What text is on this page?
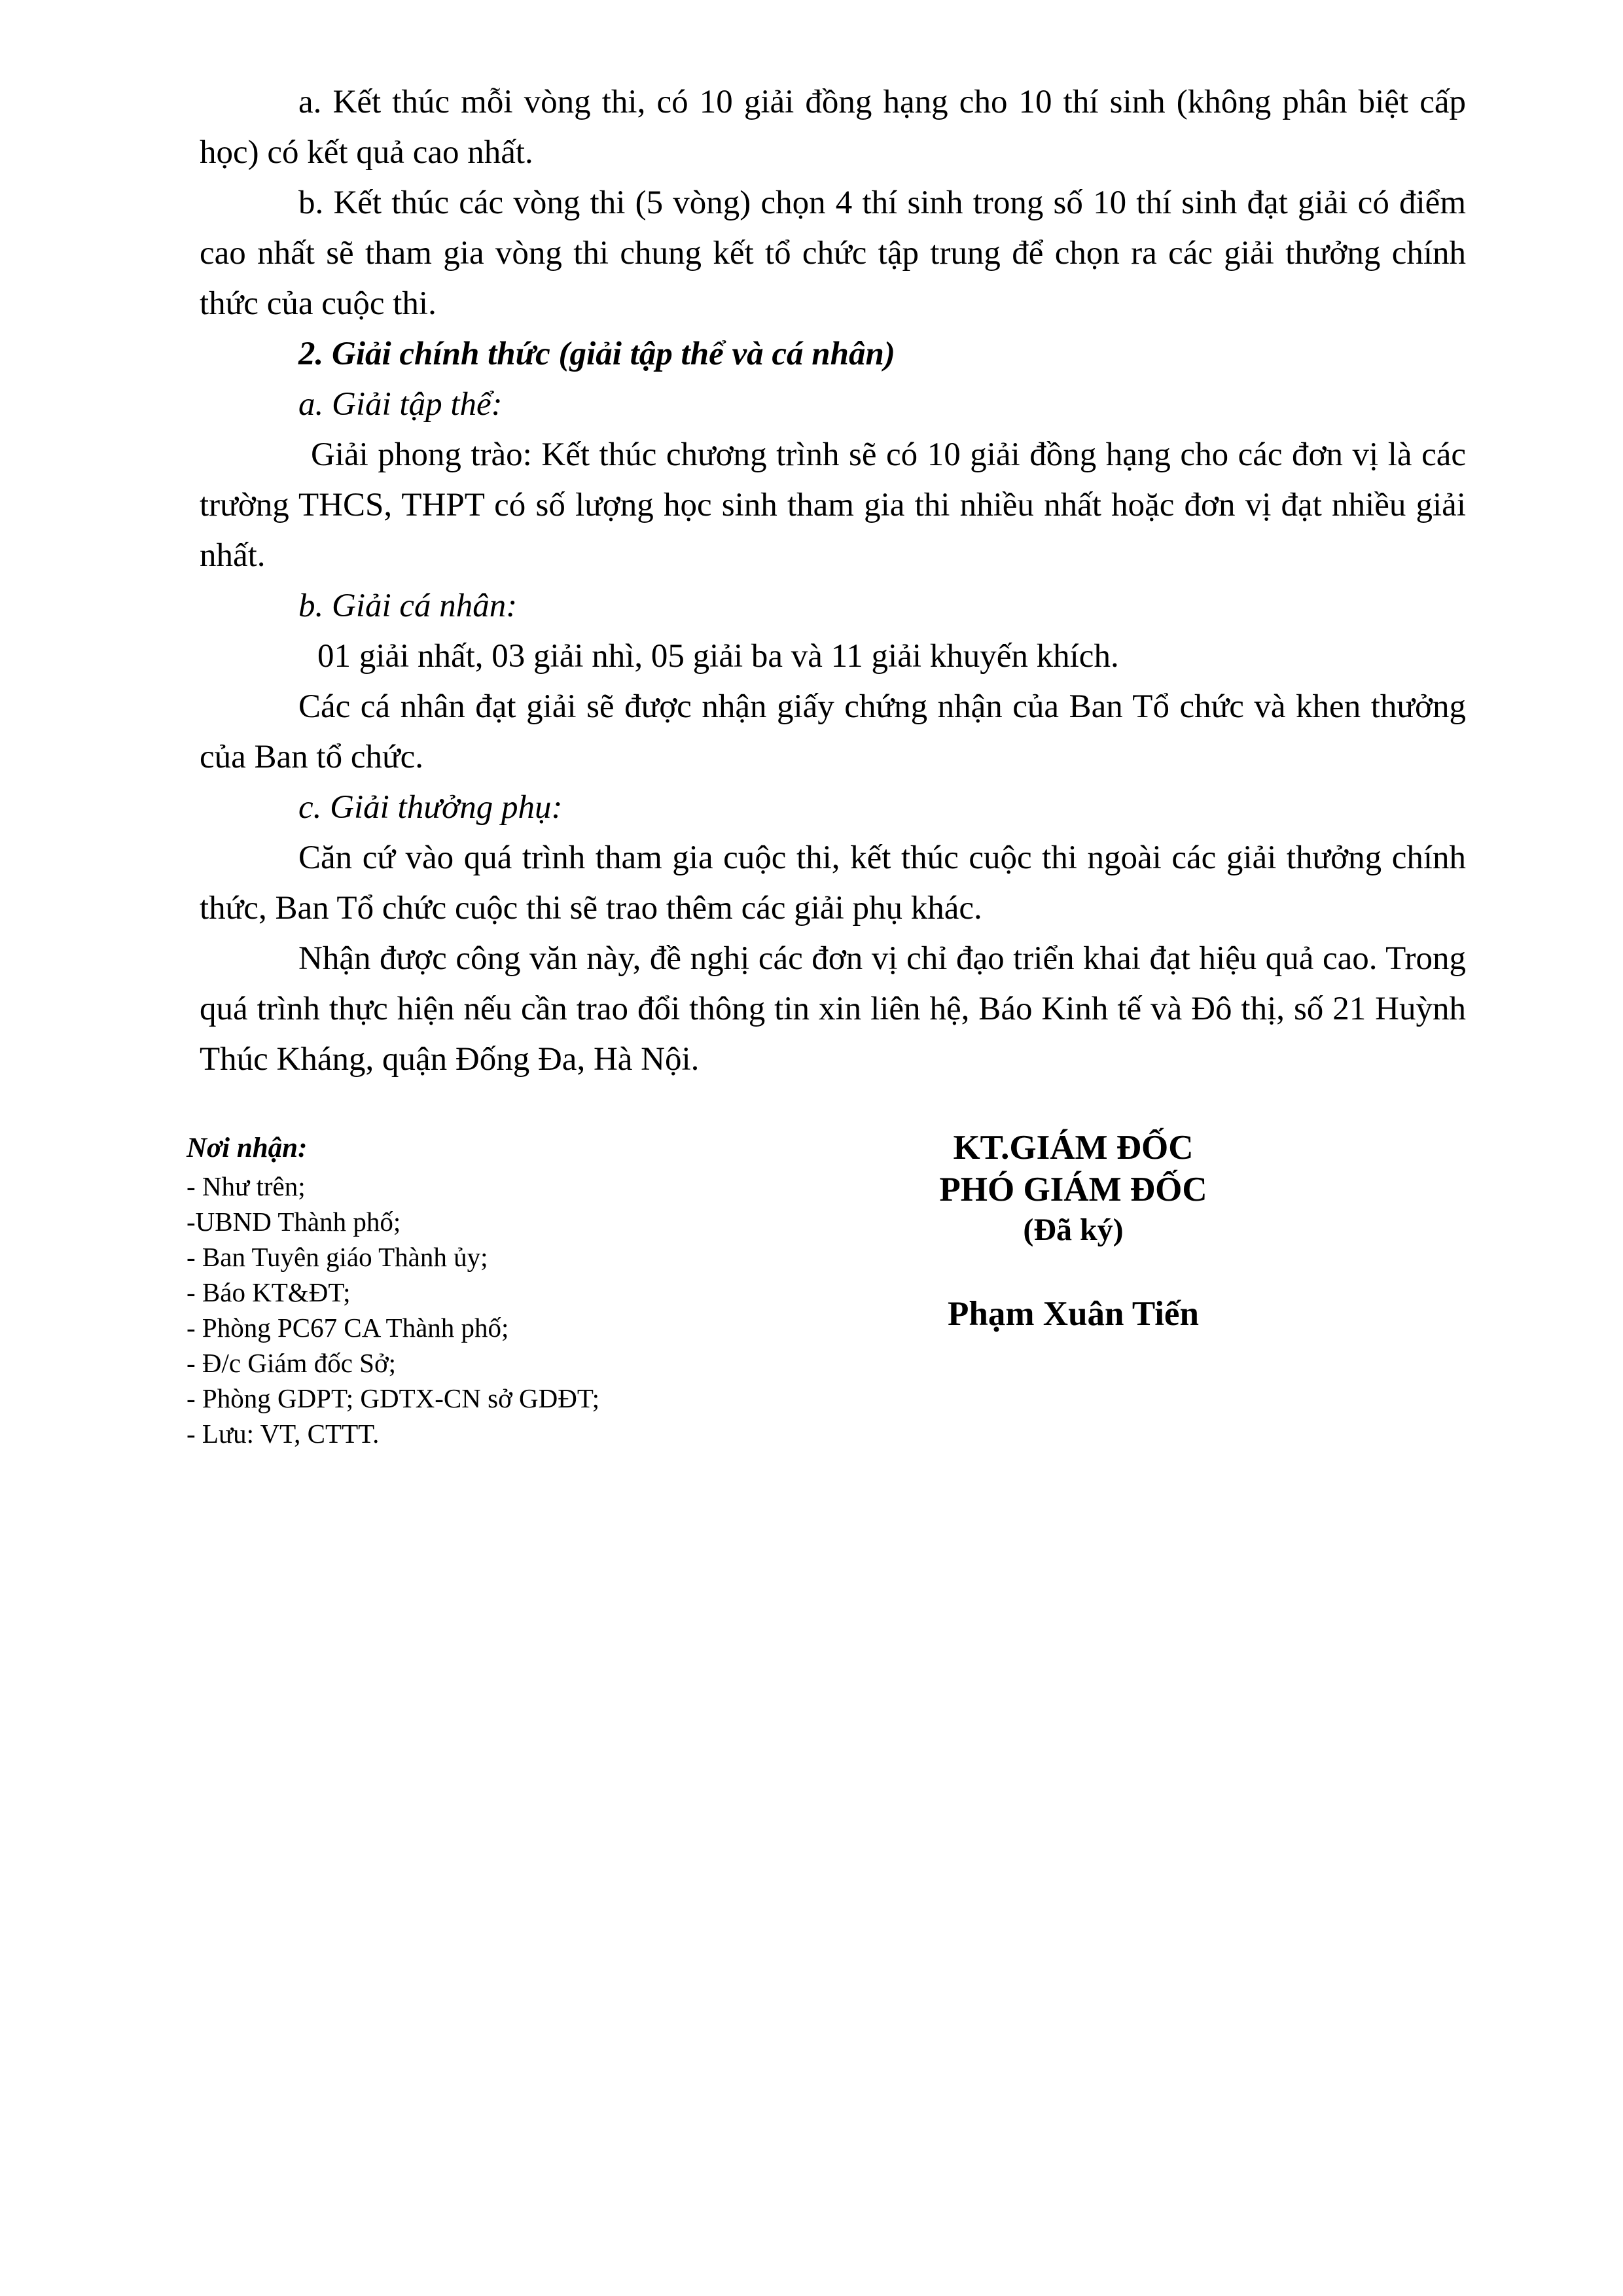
a. Kết thúc mỗi vòng thi, có 10 giải đồng hạng cho 10 thí sinh (không phân biệt cấp học) có kết quả cao nhất.

b. Kết thúc các vòng thi (5 vòng) chọn 4 thí sinh trong số 10 thí sinh đạt giải có điểm cao nhất sẽ tham gia vòng thi chung kết tổ chức tập trung để chọn ra các giải thưởng chính thức của cuộc thi.

2. Giải chính thức (giải tập thể và cá nhân)

a. Giải tập thể:

Giải phong trào: Kết thúc chương trình sẽ có 10 giải đồng hạng cho các đơn vị là các trường THCS, THPT có số lượng học sinh tham gia thi nhiều nhất hoặc đơn vị đạt nhiều giải nhất.

b. Giải cá nhân:

01 giải nhất, 03 giải nhì, 05 giải ba và 11 giải khuyến khích.

Các cá nhân đạt giải sẽ được nhận giấy chứng nhận của Ban Tổ chức và khen thưởng của Ban tổ chức.

c. Giải thưởng phụ:

Căn cứ vào quá trình tham gia cuộc thi, kết thúc cuộc thi ngoài các giải thưởng chính thức, Ban Tổ chức cuộc thi sẽ trao thêm các giải phụ khác.

Nhận được công văn này, đề nghị các đơn vị chỉ đạo triển khai đạt hiệu quả cao. Trong quá trình thực hiện nếu cần trao đổi thông tin xin liên hệ, Báo Kinh tế và Đô thị, số 21 Huỳnh Thúc Kháng, quận Đống Đa, Hà Nội.

Nơi nhận:

- Như trên;
-UBND Thành phố;
- Ban Tuyên giáo Thành ủy;
- Báo KT&ĐT;
- Phòng PC67 CA Thành phố;
- Đ/c Giám đốc Sở;
- Phòng GDPT; GDTX-CN sở GDĐT;
- Lưu: VT, CTTT.
KT.GIÁM ĐỐC
PHÓ GIÁM ĐỐC
(Đã ký)
Phạm Xuân Tiến
